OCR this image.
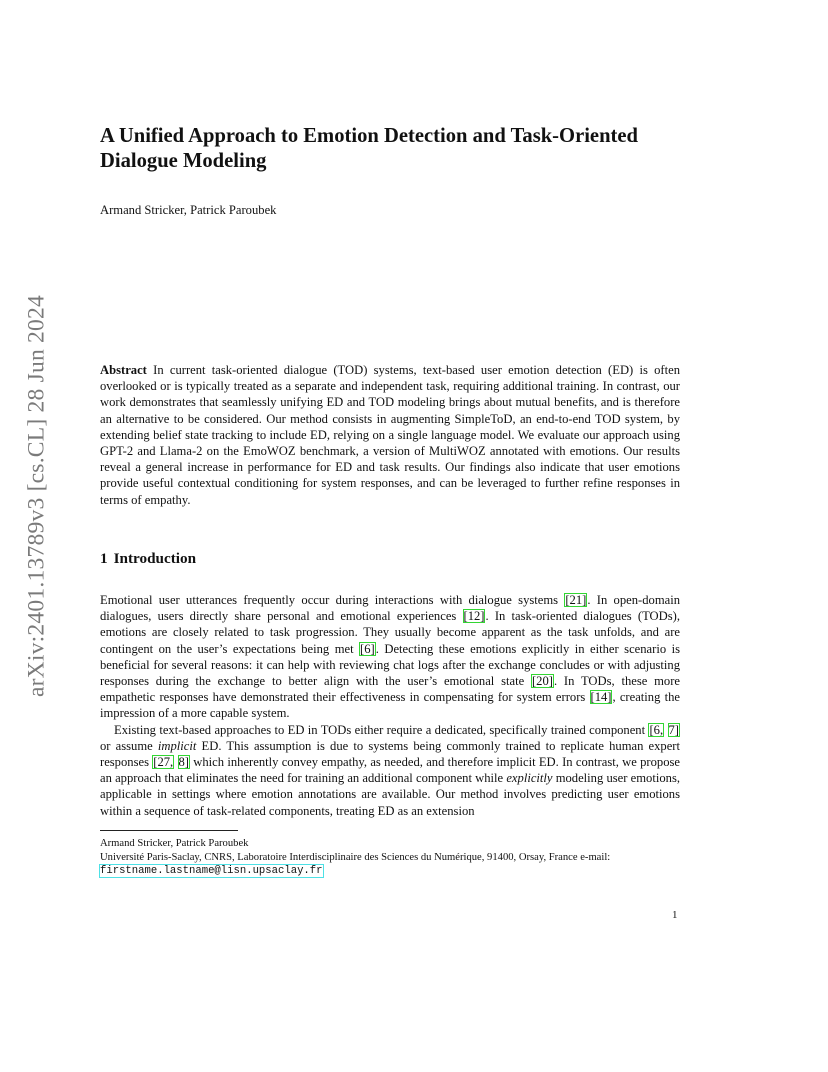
arXiv:2401.13789v3 [cs.CL] 28 Jun 2024
A Unified Approach to Emotion Detection and Task-Oriented Dialogue Modeling

Armand Stricker, Patrick Paroubek

Abstract In current task-oriented dialogue (TOD) systems, text-based user emotion detection (ED) is often overlooked or is typically treated as a separate and independent task, requiring additional training. In contrast, our work demonstrates that seamlessly unifying ED and TOD modeling brings about mutual benefits, and is therefore an alternative to be considered. Our method consists in augmenting SimpleToD, an end-to-end TOD system, by extending belief state tracking to include ED, relying on a single language model. We evaluate our approach using GPT-2 and Llama-2 on the EmoWOZ benchmark, a version of MultiWOZ annotated with emotions. Our results reveal a general increase in performance for ED and task results. Our findings also indicate that user emotions provide useful contextual conditioning for system responses, and can be leveraged to further refine responses in terms of empathy.

1 Introduction

Emotional user utterances frequently occur during interactions with dialogue systems [21]. In open-domain dialogues, users directly share personal and emotional experiences [12]. In task-oriented dialogues (TODs), emotions are closely related to task progression. They usually become apparent as the task unfolds, and are contingent on the user’s expectations being met [6]. Detecting these emotions explicitly in either scenario is beneficial for several reasons: it can help with reviewing chat logs after the exchange concludes or with adjusting responses during the exchange to better align with the user’s emotional state [20]. In TODs, these more empathetic responses have demonstrated their effectiveness in compensating for system errors [14], creating the impression of a more capable system.

Existing text-based approaches to ED in TODs either require a dedicated, specifically trained component [6, 7] or assume implicit ED. This assumption is due to systems being commonly trained to replicate human expert responses [27, 8] which inherently convey empathy, as needed, and therefore implicit ED. In contrast, we propose an approach that eliminates the need for training an additional component while explicitly modeling user emotions, applicable in settings where emotion annotations are available. Our method involves predicting user emotions within a sequence of task-related components, treating ED as an extension

Armand Stricker, Patrick Paroubek

Université Paris-Saclay, CNRS, Laboratoire Interdisciplinaire des Sciences du Numérique, 91400, Orsay, France e-mail:

firstname.lastname@lisn.upsaclay.fr

1
